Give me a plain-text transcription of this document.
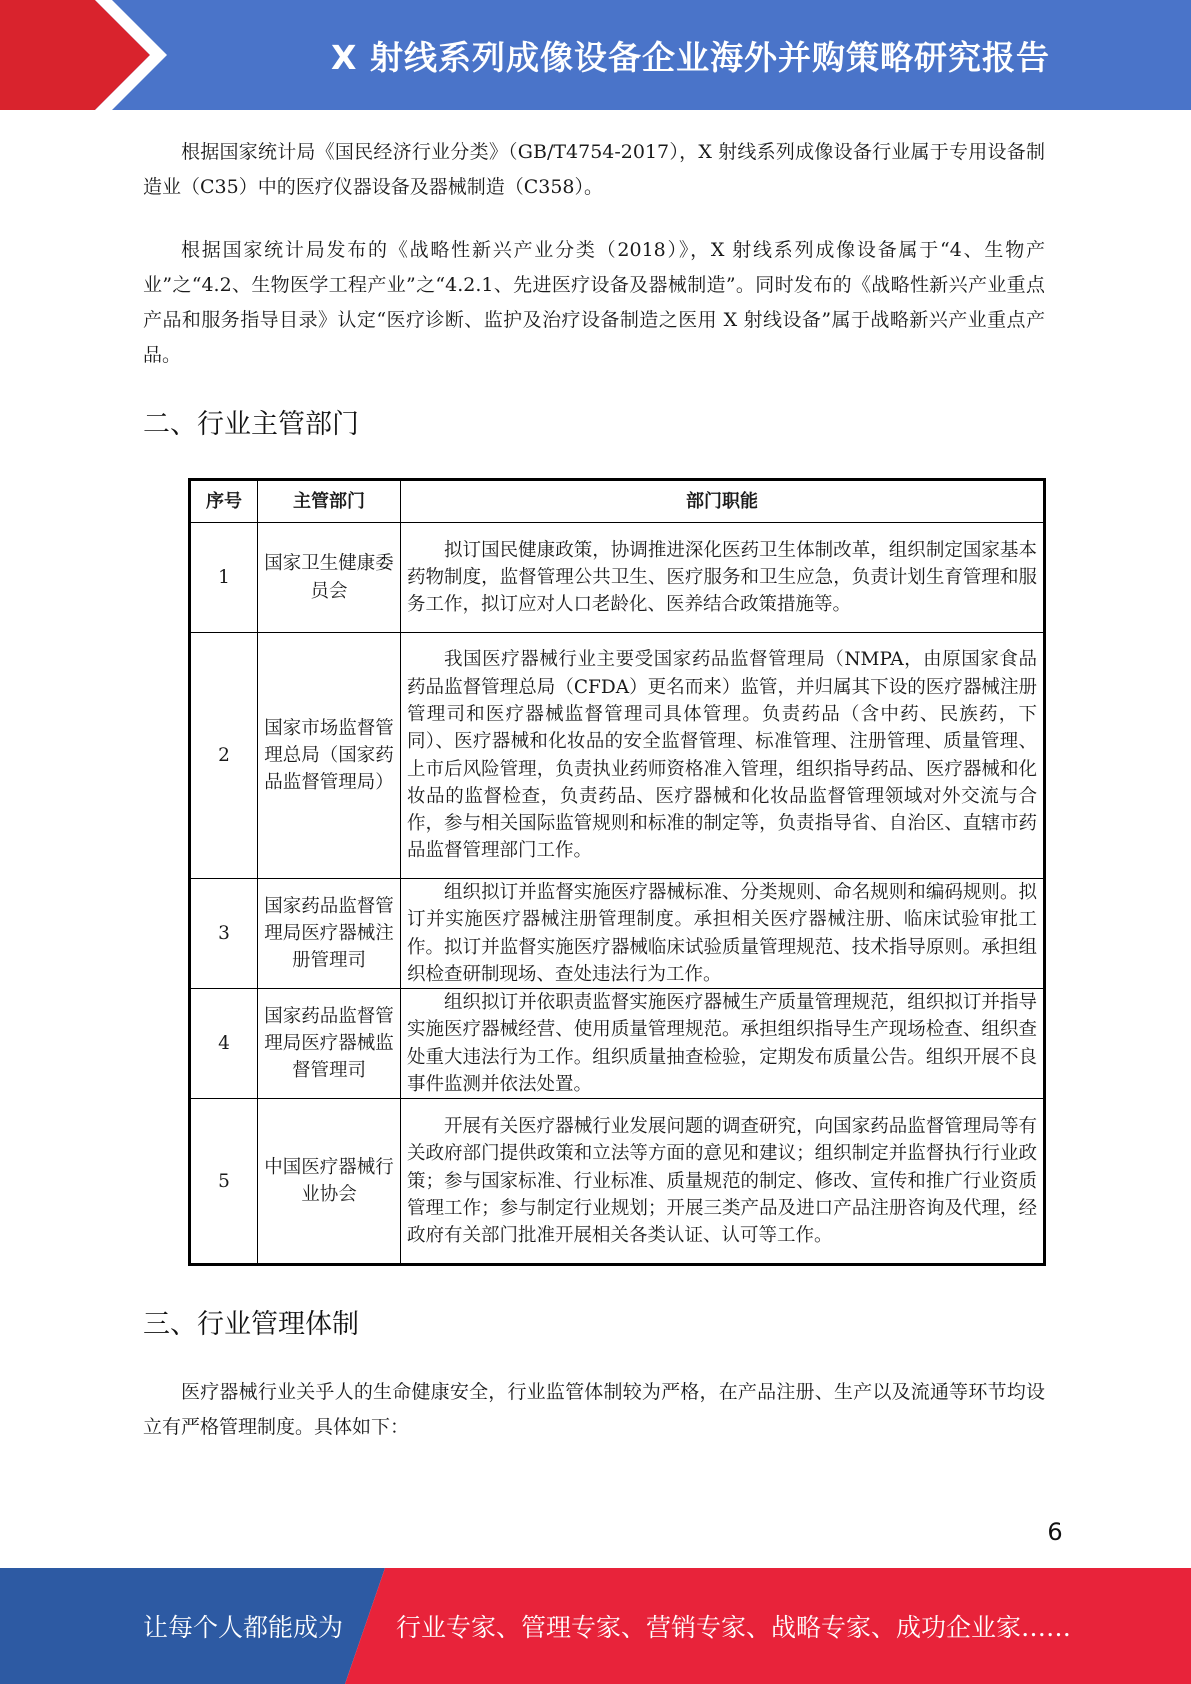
X 射线系列成像设备企业海外并购策略研究报告

根据国家统计局《国民经济行业分类》（GB/T4754-2017），X 射线系列成像设备行业属于专用设备制造业（C35）中的医疗仪器设备及器械制造（C358）。

根据国家统计局发布的《战略性新兴产业分类（2018）》，X 射线系列成像设备属于“4、生物产业”之“4.2、生物医学工程产业”之“4.2.1、先进医疗设备及器械制造”。同时发布的《战略性新兴产业重点产品和服务指导目录》认定“医疗诊断、监护及治疗设备制造之医用 X 射线设备”属于战略新兴产业重点产品。

二、行业主管部门
序号	主管部门	部门职能
1	国家卫生健康委员会	拟订国民健康政策，协调推进深化医药卫生体制改革，组织制定国家基本药物制度，监督管理公共卫生、医疗服务和卫生应急，负责计划生育管理和服务工作，拟订应对人口老龄化、医养结合政策措施等。
2	国家市场监督管理总局（国家药品监督管理局）	我国医疗器械行业主要受国家药品监督管理局（NMPA，由原国家食品药品监督管理总局（CFDA）更名而来）监管，并归属其下设的医疗器械注册管理司和医疗器械监督管理司具体管理。负责药品（含中药、民族药，下同）、医疗器械和化妆品的安全监督管理、标准管理、注册管理、质量管理、上市后风险管理，负责执业药师资格准入管理，组织指导药品、医疗器械和化妆品的监督检查，负责药品、医疗器械和化妆品监督管理领域对外交流与合作，参与相关国际监管规则和标准的制定等，负责指导省、自治区、直辖市药品监督管理部门工作。
3	国家药品监督管理局医疗器械注册管理司	组织拟订并监督实施医疗器械标准、分类规则、命名规则和编码规则。拟订并实施医疗器械注册管理制度。承担相关医疗器械注册、临床试验审批工作。拟订并监督实施医疗器械临床试验质量管理规范、技术指导原则。承担组织检查研制现场、查处违法行为工作。
4	国家药品监督管理局医疗器械监督管理司	组织拟订并依职责监督实施医疗器械生产质量管理规范，组织拟订并指导实施医疗器械经营、使用质量管理规范。承担组织指导生产现场检查、组织查处重大违法行为工作。组织质量抽查检验，定期发布质量公告。组织开展不良事件监测并依法处置。
5	中国医疗器械行业协会	开展有关医疗器械行业发展问题的调查研究，向国家药品监督管理局等有关政府部门提供政策和立法等方面的意见和建议；组织制定并监督执行行业政策；参与国家标准、行业标准、质量规范的制定、修改、宣传和推广行业资质管理工作；参与制定行业规划；开展三类产品及进口产品注册咨询及代理，经政府有关部门批准开展相关各类认证、认可等工作。
三、行业管理体制

医疗器械行业关乎人的生命健康安全，行业监管体制较为严格，在产品注册、生产以及流通等环节均设立有严格管理制度。具体如下：

6
让每个人都能成为 行业专家、管理专家、营销专家、战略专家、成功企业家……
